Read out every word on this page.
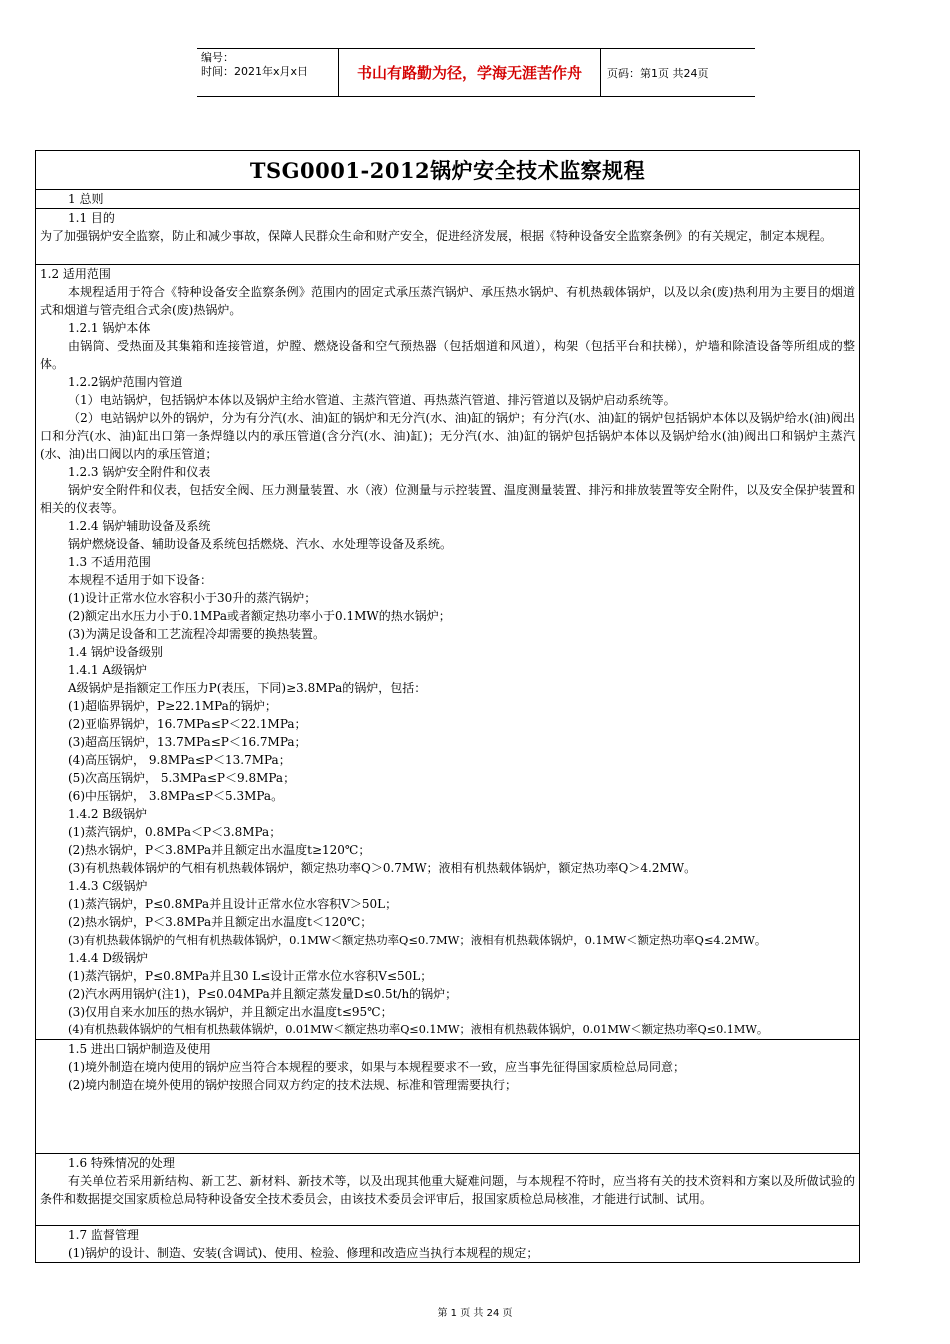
编号：
时间：2021年x月x日	书山有路勤为径，学海无涯苦作舟	页码：第1页 共24页
TSG0001-2012锅炉安全技术监察规程
1 总则
1.1 目的
为了加强锅炉安全监察，防止和减少事故，保障人民群众生命和财产安全，促进经济发展，根据《特种设备安全监察条例》的有关规定，制定本规程。
1.2 适用范围
本规程适用于符合《特种设备安全监察条例》范围内的固定式承压蒸汽锅炉、承压热水锅炉、有机热载体锅炉，以及以余(废)热利用为主要目的烟道式和烟道与管壳组合式余(废)热锅炉。
1.2.1 锅炉本体
由锅筒、受热面及其集箱和连接管道，炉膛、燃烧设备和空气预热器（包括烟道和风道），构架（包括平台和扶梯），炉墙和除渣设备等所组成的整体。
1.2.2锅炉范围内管道
（1）电站锅炉，包括锅炉本体以及锅炉主给水管道、主蒸汽管道、再热蒸汽管道、排污管道以及锅炉启动系统等。
（2）电站锅炉以外的锅炉，分为有分汽(水、油)缸的锅炉和无分汽(水、油)缸的锅炉；有分汽(水、油)缸的锅炉包括锅炉本体以及锅炉给水(油)阀出口和分汽(水、油)缸出口第一条焊缝以内的承压管道(含分汽(水、油)缸)；无分汽(水、油)缸的锅炉包括锅炉本体以及锅炉给水(油)阀出口和锅炉主蒸汽(水、油)出口阀以内的承压管道；
1.2.3 锅炉安全附件和仪表
锅炉安全附件和仪表，包括安全阀、压力测量装置、水（液）位测量与示控装置、温度测量装置、排污和排放装置等安全附件，以及安全保护装置和相关的仪表等。
1.2.4 锅炉辅助设备及系统
锅炉燃烧设备、辅助设备及系统包括燃烧、汽水、水处理等设备及系统。
1.3 不适用范围
本规程不适用于如下设备：
(1)设计正常水位水容积小于30升的蒸汽锅炉；
(2)额定出水压力小于0.1MPa或者额定热功率小于0.1MW的热水锅炉；
(3)为满足设备和工艺流程冷却需要的换热装置。
1.4 锅炉设备级别
1.4.1 A级锅炉
A级锅炉是指额定工作压力P(表压，下同)≥3.8MPa的锅炉，包括：
(1)超临界锅炉，P≥22.1MPa的锅炉；
(2)亚临界锅炉，16.7MPa≤P＜22.1MPa；
(3)超高压锅炉，13.7MPa≤P＜16.7MPa；
(4)高压锅炉， 9.8MPa≤P＜13.7MPa；
(5)次高压锅炉， 5.3MPa≤P＜9.8MPa；
(6)中压锅炉， 3.8MPa≤P＜5.3MPa。
1.4.2 B级锅炉
(1)蒸汽锅炉，0.8MPa＜P＜3.8MPa；
(2)热水锅炉，P＜3.8MPa并且额定出水温度t≥120℃；
(3)有机热载体锅炉的气相有机热载体锅炉，额定热功率Q＞0.7MW；液相有机热载体锅炉，额定热功率Q＞4.2MW。
1.4.3 C级锅炉
(1)蒸汽锅炉，P≤0.8MPa并且设计正常水位水容积V＞50L；
(2)热水锅炉，P＜3.8MPa并且额定出水温度t＜120℃；
(3)有机热载体锅炉的气相有机热载体锅炉，0.1MW＜额定热功率Q≤0.7MW；液相有机热载体锅炉，0.1MW＜额定热功率Q≤4.2MW。
1.4.4 D级锅炉
(1)蒸汽锅炉，P≤0.8MPa并且30 L≤设计正常水位水容积V≤50L；
(2)汽水两用锅炉(注1)，P≤0.04MPa并且额定蒸发量D≤0.5t/h的锅炉；
(3)仅用自来水加压的热水锅炉，并且额定出水温度t≤95℃；
(4)有机热载体锅炉的气相有机热载体锅炉，0.01MW＜额定热功率Q≤0.1MW；液相有机热载体锅炉，0.01MW＜额定热功率Q≤0.1MW。
1.5 进出口锅炉制造及使用
(1)境外制造在境内使用的锅炉应当符合本规程的要求，如果与本规程要求不一致，应当事先征得国家质检总局同意；
(2)境内制造在境外使用的锅炉按照合同双方约定的技术法规、标准和管理需要执行；
1.6 特殊情况的处理
有关单位若采用新结构、新工艺、新材料、新技术等，以及出现其他重大疑难问题，与本规程不符时，应当将有关的技术资料和方案以及所做试验的条件和数据提交国家质检总局特种设备安全技术委员会，由该技术委员会评审后，报国家质检总局核准，才能进行试制、试用。
1.7 监督管理
(1)锅炉的设计、制造、安装(含调试)、使用、检验、修理和改造应当执行本规程的规定；
第 1 页 共 24 页
